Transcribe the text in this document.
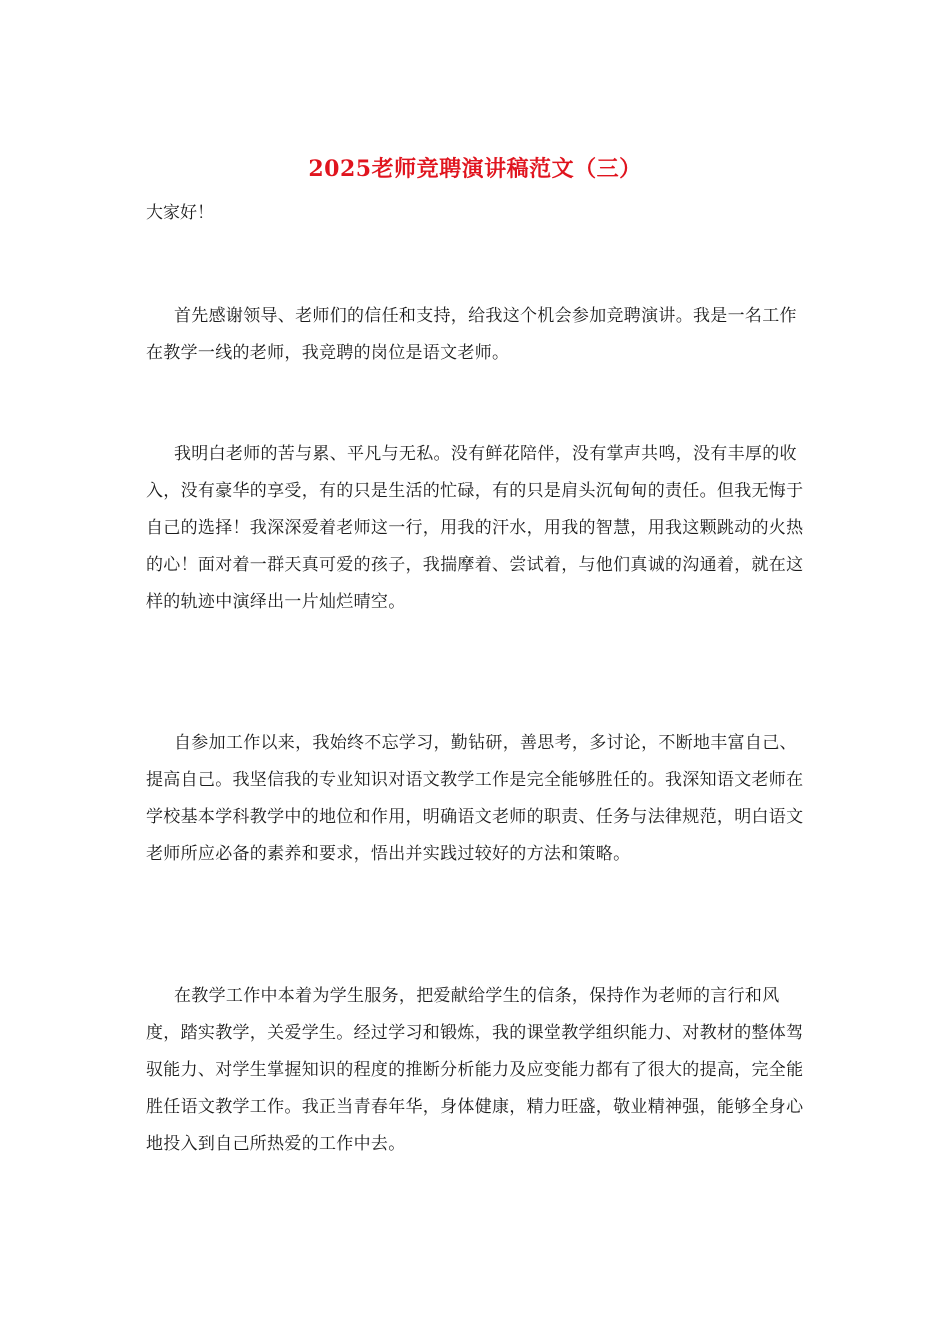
2025老师竞聘演讲稿范文（三）
大家好！

首先感谢领导、老师们的信任和支持，给我这个机会参加竞聘演讲。我是一名工作在教学一线的老师，我竞聘的岗位是语文老师。

我明白老师的苦与累、平凡与无私。没有鲜花陪伴，没有掌声共鸣，没有丰厚的收入，没有豪华的享受，有的只是生活的忙碌，有的只是肩头沉甸甸的责任。但我无悔于自己的选择！我深深爱着老师这一行，用我的汗水，用我的智慧，用我这颗跳动的火热的心！面对着一群天真可爱的孩子，我揣摩着、尝试着，与他们真诚的沟通着，就在这样的轨迹中演绎出一片灿烂晴空。

自参加工作以来，我始终不忘学习，勤钻研，善思考，多讨论，不断地丰富自己、提高自己。我坚信我的专业知识对语文教学工作是完全能够胜任的。我深知语文老师在学校基本学科教学中的地位和作用，明确语文老师的职责、任务与法律规范，明白语文老师所应必备的素养和要求，悟出并实践过较好的方法和策略。

在教学工作中本着为学生服务，把爱献给学生的信条，保持作为老师的言行和风度，踏实教学，关爱学生。经过学习和锻炼，我的课堂教学组织能力、对教材的整体驾驭能力、对学生掌握知识的程度的推断分析能力及应变能力都有了很大的提高，完全能胜任语文教学工作。我正当青春年华，身体健康，精力旺盛，敬业精神强，能够全身心地投入到自己所热爱的工作中去。
